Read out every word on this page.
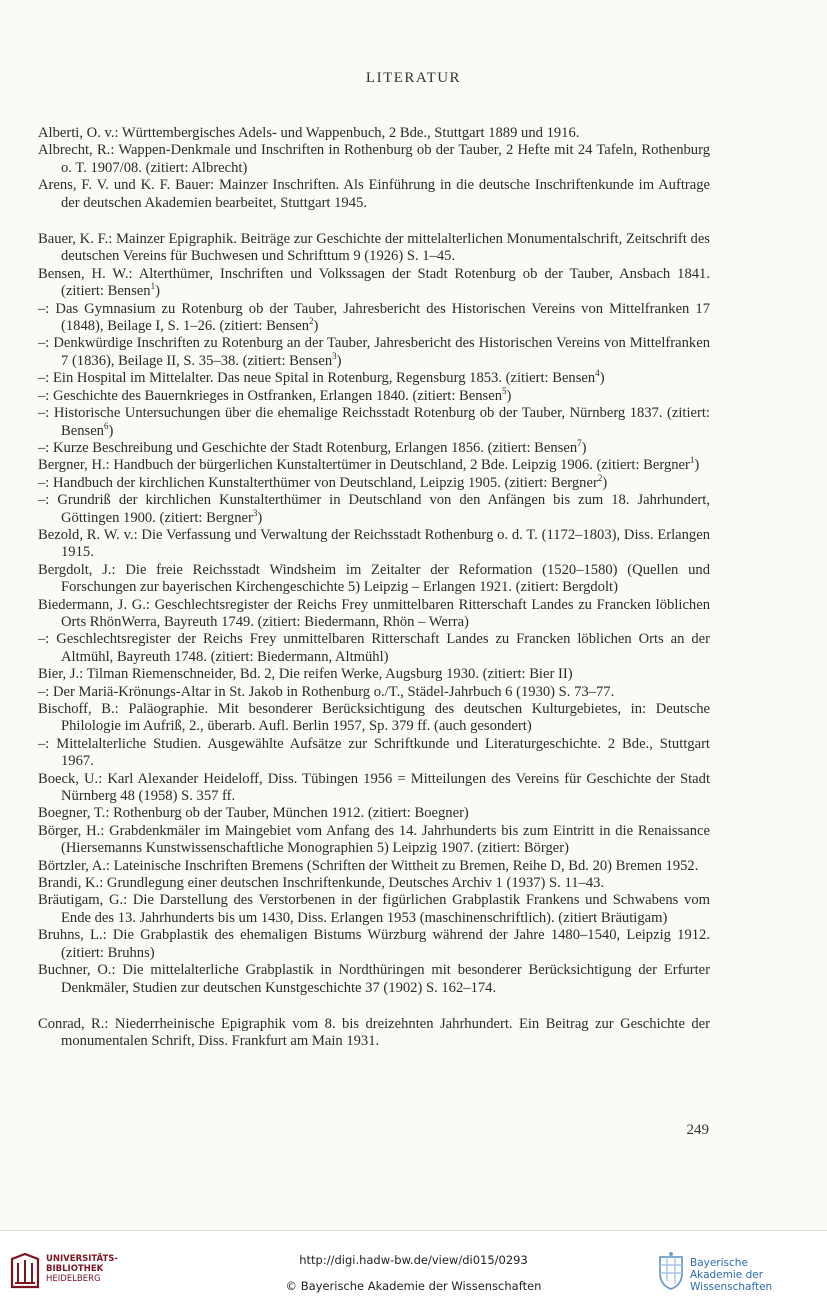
LITERATUR
Alberti, O. v.: Württembergisches Adels- und Wappenbuch, 2 Bde., Stuttgart 1889 und 1916.
Albrecht, R.: Wappen-Denkmale und Inschriften in Rothenburg ob der Tauber, 2 Hefte mit 24 Tafeln, Rothenburg o. T. 1907/08. (zitiert: Albrecht)
Arens, F. V. und K. F. Bauer: Mainzer Inschriften. Als Einführung in die deutsche Inschriftenkunde im Auftrage der deutschen Akademien bearbeitet, Stuttgart 1945.
Bauer, K. F.: Mainzer Epigraphik. Beiträge zur Geschichte der mittelalterlichen Monumentalschrift, Zeitschrift des deutschen Vereins für Buchwesen und Schrifttum 9 (1926) S. 1–45.
Bensen, H. W.: Alterthümer, Inschriften und Volkssagen der Stadt Rotenburg ob der Tauber, Ansbach 1841. (zitiert: Bensen$^1$)
–: Das Gymnasium zu Rotenburg ob der Tauber, Jahresbericht des Historischen Vereins von Mittelfranken 17 (1848), Beilage I, S. 1–26. (zitiert: Bensen$^2$)
–: Denkwürdige Inschriften zu Rotenburg an der Tauber, Jahresbericht des Historischen Vereins von Mittelfranken 7 (1836), Beilage II, S. 35–38. (zitiert: Bensen$^3$)
–: Ein Hospital im Mittelalter. Das neue Spital in Rotenburg, Regensburg 1853. (zitiert: Bensen$^4$)
–: Geschichte des Bauernkrieges in Ostfranken, Erlangen 1840. (zitiert: Bensen$^5$)
–: Historische Untersuchungen über die ehemalige Reichsstadt Rotenburg ob der Tauber, Nürnberg 1837. (zitiert: Bensen$^6$)
–: Kurze Beschreibung und Geschichte der Stadt Rotenburg, Erlangen 1856. (zitiert: Bensen$^7$)
Bergner, H.: Handbuch der bürgerlichen Kunstaltertümer in Deutschland, 2 Bde. Leipzig 1906. (zitiert: Bergner$^1$)
–: Handbuch der kirchlichen Kunstalterthümer von Deutschland, Leipzig 1905. (zitiert: Bergner$^2$)
–: Grundriß der kirchlichen Kunstalterthümer in Deutschland von den Anfängen bis zum 18. Jahrhundert, Göttingen 1900. (zitiert: Bergner$^3$)
Bezold, R. W. v.: Die Verfassung und Verwaltung der Reichsstadt Rothenburg o. d. T. (1172–1803), Diss. Erlangen 1915.
Bergdolt, J.: Die freie Reichsstadt Windsheim im Zeitalter der Reformation (1520–1580) (Quellen und Forschungen zur bayerischen Kirchengeschichte 5) Leipzig – Erlangen 1921. (zitiert: Bergdolt)
Biedermann, J. G.: Geschlechtsregister der Reichs Frey unmittelbaren Ritterschaft Landes zu Francken löblichen Orts RhönWerra, Bayreuth 1749. (zitiert: Biedermann, Rhön – Werra)
–: Geschlechtsregister der Reichs Frey unmittelbaren Ritterschaft Landes zu Francken löblichen Orts an der Altmühl, Bayreuth 1748. (zitiert: Biedermann, Altmühl)
Bier, J.: Tilman Riemenschneider, Bd. 2, Die reifen Werke, Augsburg 1930. (zitiert: Bier II)
–: Der Mariä-Krönungs-Altar in St. Jakob in Rothenburg o./T., Städel-Jahrbuch 6 (1930) S. 73–77.
Bischoff, B.: Paläographie. Mit besonderer Berücksichtigung des deutschen Kulturgebietes, in: Deutsche Philologie im Aufriß, 2., überarb. Aufl. Berlin 1957, Sp. 379 ff. (auch gesondert)
–: Mittelalterliche Studien. Ausgewählte Aufsätze zur Schriftkunde und Literaturgeschichte. 2 Bde., Stuttgart 1967.
Boeck, U.: Karl Alexander Heideloff, Diss. Tübingen 1956 = Mitteilungen des Vereins für Geschichte der Stadt Nürnberg 48 (1958) S. 357 ff.
Boegner, T.: Rothenburg ob der Tauber, München 1912. (zitiert: Boegner)
Börger, H.: Grabdenkmäler im Maingebiet vom Anfang des 14. Jahrhunderts bis zum Eintritt in die Renaissance (Hiersemanns Kunstwissenschaftliche Monographien 5) Leipzig 1907. (zitiert: Börger)
Börtzler, A.: Lateinische Inschriften Bremens (Schriften der Wittheit zu Bremen, Reihe D, Bd. 20) Bremen 1952.
Brandi, K.: Grundlegung einer deutschen Inschriftenkunde, Deutsches Archiv 1 (1937) S. 11–43.
Bräutigam, G.: Die Darstellung des Verstorbenen in der figürlichen Grabplastik Frankens und Schwabens vom Ende des 13. Jahrhunderts bis um 1430, Diss. Erlangen 1953 (maschinenschriftlich). (zitiert Bräutigam)
Bruhns, L.: Die Grabplastik des ehemaligen Bistums Würzburg während der Jahre 1480–1540, Leipzig 1912. (zitiert: Bruhns)
Buchner, O.: Die mittelalterliche Grabplastik in Nordthüringen mit besonderer Berücksichtigung der Erfurter Denkmäler, Studien zur deutschen Kunstgeschichte 37 (1902) S. 162–174.
Conrad, R.: Niederrheinische Epigraphik vom 8. bis dreizehnten Jahrhundert. Ein Beitrag zur Geschichte der monumentalen Schrift, Diss. Frankfurt am Main 1931.
249
UNIVERSITÄTS-
BIBLIOTHEK
HEIDELBERG
http://digi.hadw-bw.de/view/di015/0293
© Bayerische Akademie der Wissenschaften
Bayerische
Akademie der Wissenschaften
